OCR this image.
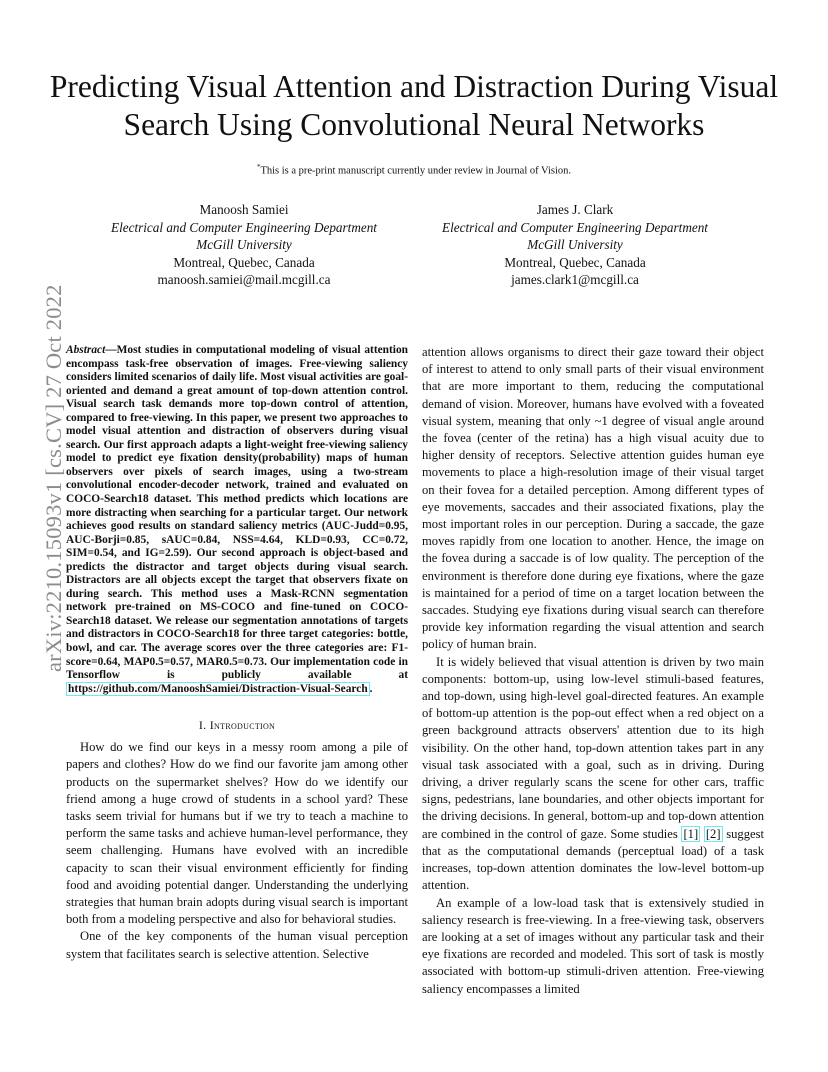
Predicting Visual Attention and Distraction During Visual Search Using Convolutional Neural Networks
*This is a pre-print manuscript currently under review in Journal of Vision.
Manoosh Samiei
Electrical and Computer Engineering Department
McGill University
Montreal, Quebec, Canada
manoosh.samiei@mail.mcgill.ca
James J. Clark
Electrical and Computer Engineering Department
McGill University
Montreal, Quebec, Canada
james.clark1@mcgill.ca
arXiv:2210.15093v1 [cs.CV] 27 Oct 2022 Abstract—Most studies in computational modeling of visual attention encompass task-free observation of images. Free-viewing saliency considers limited scenarios of daily life. Most visual activities are goal-oriented and demand a great amount of top-down attention control. Visual search task demands more top-down control of attention, compared to free-viewing. In this paper, we present two approaches to model visual attention and distraction of observers during visual search. Our first approach adapts a light-weight free-viewing saliency model to predict eye fixation density(probability) maps of human observers over pixels of search images, using a two-stream convolutional encoder-decoder network, trained and evaluated on COCO-Search18 dataset. This method predicts which locations are more distracting when searching for a particular target. Our network achieves good results on standard saliency metrics (AUC-Judd=0.95, AUC-Borji=0.85, sAUC=0.84, NSS=4.64, KLD=0.93, CC=0.72, SIM=0.54, and IG=2.59). Our second approach is object-based and predicts the distractor and target objects during visual search. Distractors are all objects except the target that observers fixate on during search. This method uses a Mask-RCNN segmentation network pre-trained on MS-COCO and fine-tuned on COCO-Search18 dataset. We release our segmentation annotations of targets and distractors in COCO-Search18 for three target categories: bottle, bowl, and car. The average scores over the three categories are: F1-score=0.64, MAP0.5=0.57, MAR0.5=0.73. Our implementation code in Tensorflow is publicly available at https://github.com/ManooshSamiei/Distraction-Visual-Search .

I. Introduction

How do we find our keys in a messy room among a pile of papers and clothes? How do we find our favorite jam among other products on the supermarket shelves? How do we identify our friend among a huge crowd of students in a school yard? These tasks seem trivial for humans but if we try to teach a machine to perform the same tasks and achieve human-level performance, they seem challenging. Humans have evolved with an incredible capacity to scan their visual environment efficiently for finding food and avoiding potential danger. Understanding the underlying strategies that human brain adopts during visual search is important both from a modeling perspective and also for behavioral studies.

One of the key components of the human visual perception system that facilitates search is selective attention. Selective

attention allows organisms to direct their gaze toward their object of interest to attend to only small parts of their visual environment that are more important to them, reducing the computational demand of vision. Moreover, humans have evolved with a foveated visual system, meaning that only ~1 degree of visual angle around the fovea (center of the retina) has a high visual acuity due to higher density of receptors. Selective attention guides human eye movements to place a high-resolution image of their visual target on their fovea for a detailed perception. Among different types of eye movements, saccades and their associated fixations, play the most important roles in our perception. During a saccade, the gaze moves rapidly from one location to another. Hence, the image on the fovea during a saccade is of low quality. The perception of the environment is therefore done during eye fixations, where the gaze is maintained for a period of time on a target location between the saccades. Studying eye fixations during visual search can therefore provide key information regarding the visual attention and search policy of human brain.

It is widely believed that visual attention is driven by two main components: bottom-up, using low-level stimuli-based features, and top-down, using high-level goal-directed features. An example of bottom-up attention is the pop-out effect when a red object on a green background attracts observers' attention due to its high visibility. On the other hand, top-down attention takes part in any visual task associated with a goal, such as in driving. During driving, a driver regularly scans the scene for other cars, traffic signs, pedestrians, lane boundaries, and other objects important for the driving decisions. In general, bottom-up and top-down attention are combined in the control of gaze. Some studies [1] [2] suggest that as the computational demands (perceptual load) of a task increases, top-down attention dominates the low-level bottom-up attention.

An example of a low-load task that is extensively studied in saliency research is free-viewing. In a free-viewing task, observers are looking at a set of images without any particular task and their eye fixations are recorded and modeled. This sort of task is mostly associated with bottom-up stimuli-driven attention. Free-viewing saliency encompasses a limited
